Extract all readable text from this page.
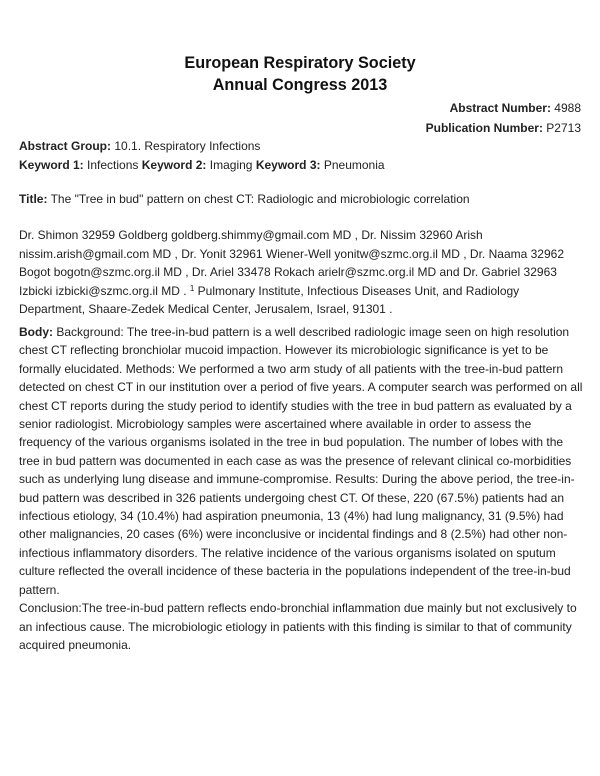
European Respiratory Society
Annual Congress 2013
Abstract Number: 4988
Publication Number: P2713
Abstract Group: 10.1. Respiratory Infections
Keyword 1: Infections Keyword 2: Imaging Keyword 3: Pneumonia
Title: The "Tree in bud" pattern on chest CT: Radiologic and microbiologic correlation
Dr. Shimon 32959 Goldberg goldberg.shimmy@gmail.com MD , Dr. Nissim 32960 Arish nissim.arish@gmail.com MD , Dr. Yonit 32961 Wiener-Well yonitw@szmc.org.il MD , Dr. Naama 32962 Bogot bogotn@szmc.org.il MD , Dr. Ariel 33478 Rokach arielr@szmc.org.il MD and Dr. Gabriel 32963 Izbicki izbicki@szmc.org.il MD . $^1$ Pulmonary Institute, Infectious Diseases Unit, and Radiology Department, Shaare-Zedek Medical Center, Jerusalem, Israel, 91301 .
Body: Background: The tree-in-bud pattern is a well described radiologic image seen on high resolution chest CT reflecting bronchiolar mucoid impaction. However its microbiologic significance is yet to be formally elucidated. Methods: We performed a two arm study of all patients with the tree-in-bud pattern detected on chest CT in our institution over a period of five years. A computer search was performed on all chest CT reports during the study period to identify studies with the tree in bud pattern as evaluated by a senior radiologist. Microbiology samples were ascertained where available in order to assess the frequency of the various organisms isolated in the tree in bud population. The number of lobes with the tree in bud pattern was documented in each case as was the presence of relevant clinical co-morbidities such as underlying lung disease and immune-compromise. Results: During the above period, the tree-in-bud pattern was described in 326 patients undergoing chest CT. Of these, 220 (67.5%) patients had an infectious etiology, 34 (10.4%) had aspiration pneumonia, 13 (4%) had lung malignancy, 31 (9.5%) had other malignancies, 20 cases (6%) were inconclusive or incidental findings and 8 (2.5%) had other non-infectious inflammatory disorders. The relative incidence of the various organisms isolated on sputum culture reflected the overall incidence of these bacteria in the populations independent of the tree-in-bud pattern.
Conclusion:The tree-in-bud pattern reflects endo-bronchial inflammation due mainly but not exclusively to an infectious cause. The microbiologic etiology in patients with this finding is similar to that of community acquired pneumonia.
